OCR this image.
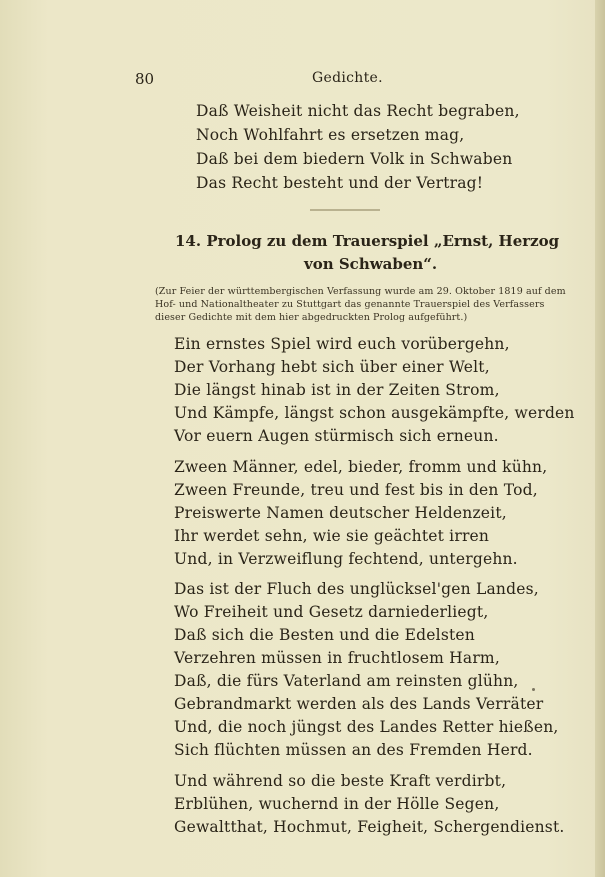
80	Gedichte.
Daß Weisheit nicht das Recht begraben,
Noch Wohlfahrt es ersetzen mag,
Daß bei dem biedern Volk in Schwaben
Das Recht besteht und der Vertrag!
14. Prolog zu dem Trauerspiel „Ernst, Herzog
von Schwaben“.
(Zur Feier der württembergischen Verfassung wurde am 29. Oktober 1819 auf dem
Hof- und Nationaltheater zu Stuttgart das genannte Trauerspiel des Verfassers
dieser Gedichte mit dem hier abgedruckten Prolog aufgeführt.)
Ein ernstes Spiel wird euch vorübergehn,
Der Vorhang hebt sich über einer Welt,
Die längst hinab ist in der Zeiten Strom,
Und Kämpfe, längst schon ausgekämpfte, werden
Vor euern Augen stürmisch sich erneun.
Zween Männer, edel, bieder, fromm und kühn,
Zween Freunde, treu und fest bis in den Tod,
Preiswerte Namen deutscher Heldenzeit,
Ihr werdet sehn, wie sie geächtet irren
Und, in Verzweiflung fechtend, untergehn.
Das ist der Fluch des unglücksel'gen Landes,
Wo Freiheit und Gesetz darniederliegt,
Daß sich die Besten und die Edelsten
Verzehren müssen in fruchtlosem Harm,
Daß, die fürs Vaterland am reinsten glühn,
Gebrandmarkt werden als des Lands Verräter
Und, die noch jüngst des Landes Retter hießen,
Sich flüchten müssen an des Fremden Herd.
Und während so die beste Kraft verdirbt,
Erblühen, wuchernd in der Hölle Segen,
Gewaltthat, Hochmut, Feigheit, Schergendienst.
